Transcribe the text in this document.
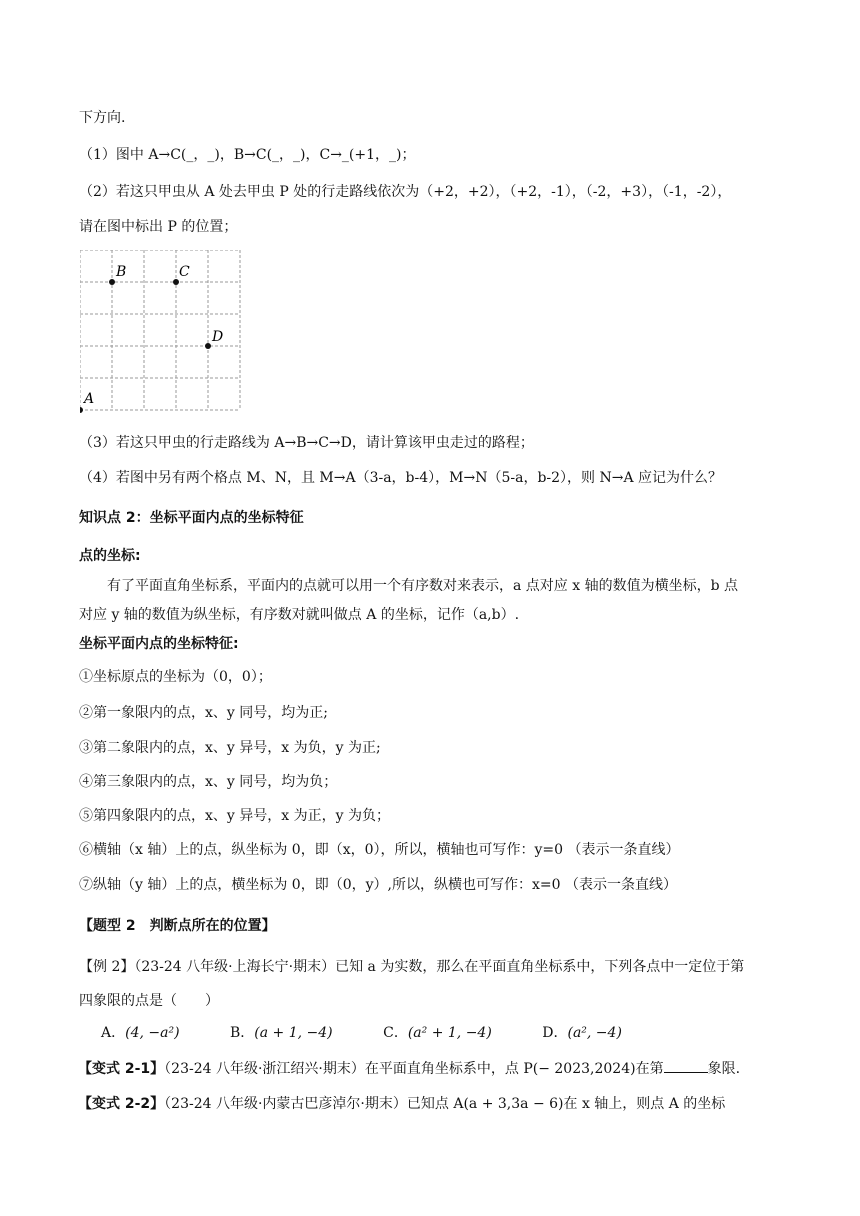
下方向.
（1）图中 A→C(_，_)，B→C(_，_)，C→_(+1，_)；
（2）若这只甲虫从 A 处去甲虫 P 处的行走路线依次为（+2，+2），（+2，-1），（-2，+3），（-1，-2），
请在图中标出 P 的位置；
A
B	C
D
（3）若这只甲虫的行走路线为 A→B→C→D，请计算该甲虫走过的路程；
（4）若图中另有两个格点 M、N，且 M→A（3-a，b-4），M→N（5-a，b-2），则 N→A 应记为什么？
知识点 2：坐标平面内点的坐标特征
点的坐标:
有了平面直角坐标系，平面内的点就可以用一个有序数对来表示，a 点对应 x 轴的数值为横坐标，b 点
对应 y 轴的数值为纵坐标，有序数对就叫做点 A 的坐标，记作（a,b）.
坐标平面内点的坐标特征:
①坐标原点的坐标为（0，0）；
②第一象限内的点，x、y 同号，均为正;
③第二象限内的点，x、y 异号，x 为负，y 为正;
④第三象限内的点，x、y 同号，均为负；
⑤第四象限内的点，x、y 异号，x 为正，y 为负；
⑥横轴（x 轴）上的点，纵坐标为 0，即（x，0），所以，横轴也可写作：y=0 （表示一条直线）
⑦纵轴（y 轴）上的点，横坐标为 0，即（0，y）,所以，纵横也可写作：x=0 （表示一条直线）
【题型 2　判断点所在的位置】
【例 2】（23-24 八年级·上海长宁·期末）已知 a 为实数，那么在平面直角坐标系中，下列各点中一定位于第
四象限的点是（　　）
A．(4, −a²)	B．(a + 1, −4)	C．(a² + 1, −4)	D．(a², −4)
【变式 2-1】（23-24 八年级·浙江绍兴·期末）在平面直角坐标系中，点 P(− 2023,2024)在第	象限.
【变式 2-2】（23-24 八年级·内蒙古巴彦淖尔·期末）已知点 A(a + 3,3a − 6)在 x 轴上，则点 A 的坐标
